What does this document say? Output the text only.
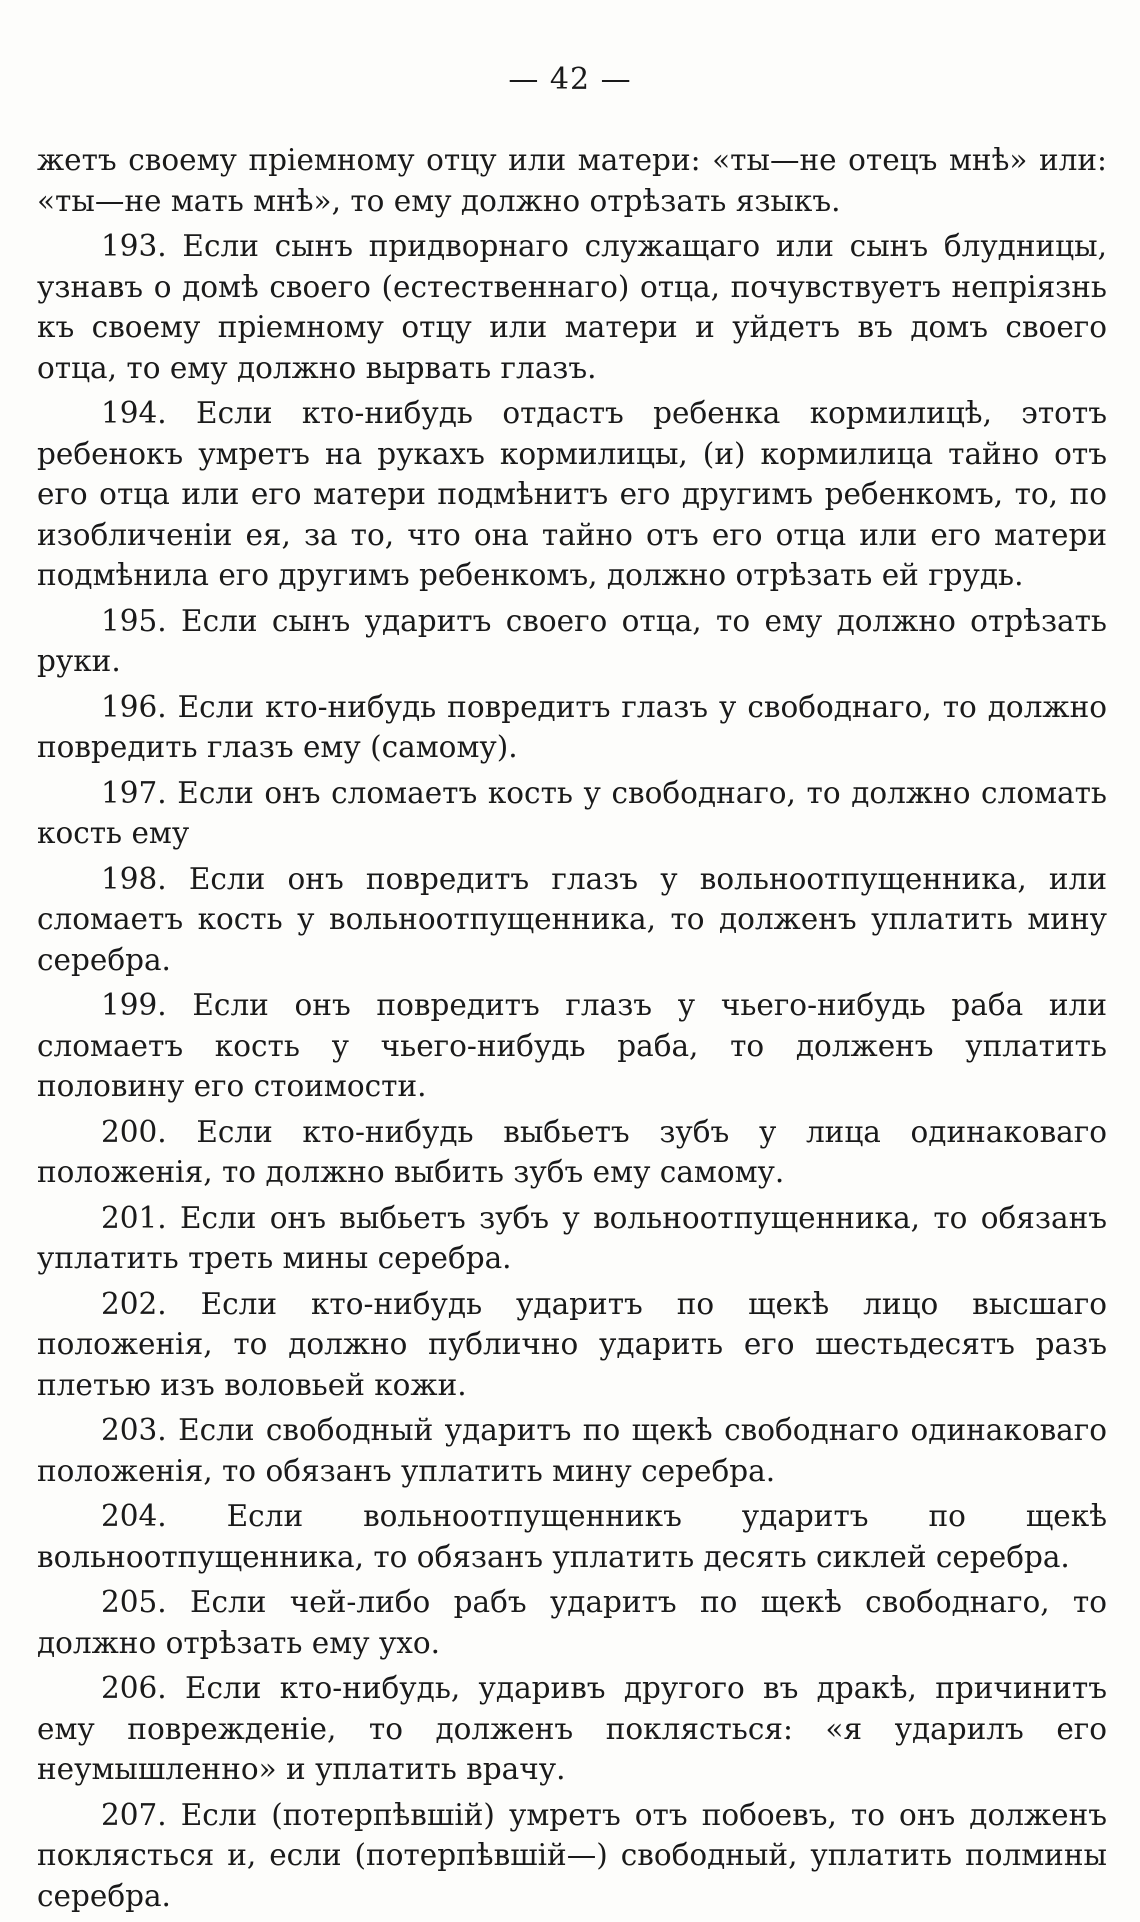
— 42 —

жетъ своему пріемному отцу или матери: «ты—не отецъ мнѣ» или: «ты—не мать мнѣ», то ему должно отрѣзать языкъ.

193. Если сынъ придворнаго служащаго или сынъ блудницы, узнавъ о домѣ своего (естественнаго) отца, почувствуетъ непріязнь къ своему пріемному отцу или матери и уйдетъ въ домъ своего отца, то ему должно вырвать глазъ.

194. Если кто-нибудь отдастъ ребенка кормилицѣ, этотъ ребенокъ умретъ на рукахъ кормилицы, (и) кормилица тайно отъ его отца или его матери подмѣнитъ его другимъ ребенкомъ, то, по изобличеніи ея, за то, что она тайно отъ его отца или его матери подмѣнила его другимъ ребенкомъ, должно отрѣзать ей грудь.

195. Если сынъ ударитъ своего отца, то ему должно отрѣзать руки.

196. Если кто-нибудь повредитъ глазъ у свободнаго, то должно повредить глазъ ему (самому).

197. Если онъ сломаетъ кость у свободнаго, то должно сломать кость ему

198. Если онъ повредитъ глазъ у вольноотпущенника, или сломаетъ кость у вольноотпущенника, то долженъ уплатить мину серебра.

199. Если онъ повредитъ глазъ у чьего-нибудь раба или сломаетъ кость у чьего-нибудь раба, то долженъ уплатить половину его стоимости.

200. Если кто-нибудь выбьетъ зубъ у лица одинаковаго положенія, то должно выбить зубъ ему самому.

201. Если онъ выбьетъ зубъ у вольноотпущенника, то обязанъ уплатить треть мины серебра.

202. Если кто-нибудь ударитъ по щекѣ лицо высшаго положенія, то должно публично ударить его шестьдесятъ разъ плетью изъ воловьей кожи.

203. Если свободный ударитъ по щекѣ свободнаго одинаковаго положенія, то обязанъ уплатить мину серебра.

204. Если вольноотпущенникъ ударитъ по щекѣ вольноотпущенника, то обязанъ уплатить десять сиклей серебра.

205. Если чей-либо рабъ ударитъ по щекѣ свободнаго, то должно отрѣзать ему ухо.

206. Если кто-нибудь, ударивъ другого въ дракѣ, причинитъ ему поврежденіе, то долженъ поклясться: «я ударилъ его неумышленно» и уплатить врачу.

207. Если (потерпѣвшій) умретъ отъ побоевъ, то онъ долженъ поклясться и, если (потерпѣвшій—) свободный, уплатить полмины серебра.
